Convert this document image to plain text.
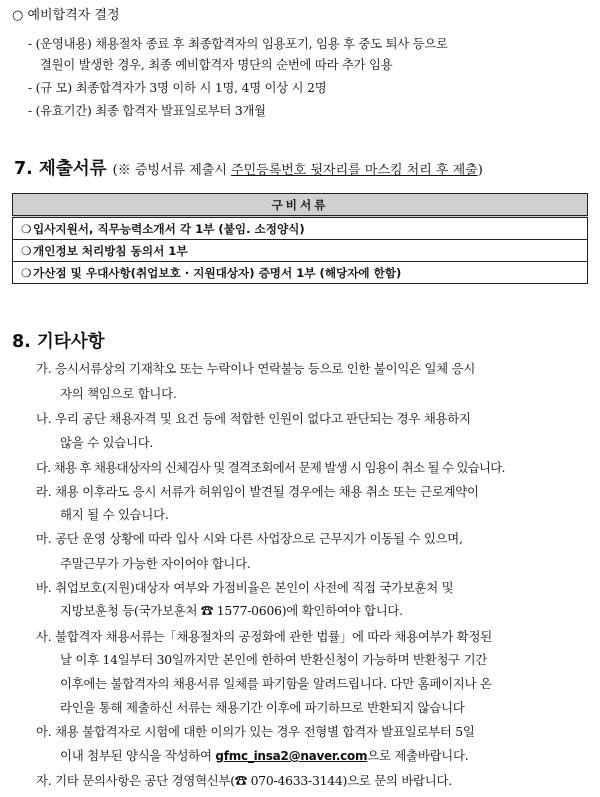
○ 예비합격자 결정
- (운영내용) 채용절차 종료 후 최종합격자의 임용포기, 임용 후 중도 퇴사 등으로
결원이 발생한 경우, 최종 예비합격자 명단의 순번에 따라 추가 임용
- (규 모) 최종합격자가 3명 이하 시 1명, 4명 이상 시 2명
- (유효기간) 최종 합격자 발표일로부터 3개월
7. 제출서류 (※ 증빙서류 제출시 주민등록번호 뒷자리를 마스킹 처리 후 제출)
구비서류
❍ 입사지원서, 직무능력소개서 각 1부 (붙임. 소정양식)
❍ 개인정보 처리방침 동의서 1부
❍ 가산점 및 우대사항(취업보호 · 지원대상자) 증명서 1부 (해당자에 한함)
8. 기타사항
가. 응시서류상의 기재착오 또는 누락이나 연락불능 등으로 인한 불이익은 일체 응시
자의 책임으로 합니다.
나. 우리 공단 채용자격 및 요건 등에 적합한 인원이 없다고 판단되는 경우 채용하지
않을 수 있습니다.
다. 채용 후 채용대상자의 신체검사 및 결격조회에서 문제 발생 시 임용이 취소 될 수 있습니다.
라. 채용 이후라도 응시 서류가 허위임이 발견될 경우에는 채용 취소 또는 근로계약이
해지 될 수 있습니다.
마. 공단 운영 상황에 따라 입사 시와 다른 사업장으로 근무지가 이동될 수 있으며,
주말근무가 가능한 자이어야 합니다.
바. 취업보호(지원)대상자 여부와 가점비율은 본인이 사전에 직접 국가보훈처 및
지방보훈청 등(국가보훈처 ☎ 1577-0606)에 확인하여야 합니다.
사. 불합격자 채용서류는「채용절차의 공정화에 관한 법률」에 따라 채용여부가 확정된
날 이후 14일부터 30일까지만 본인에 한하여 반환신청이 가능하며 반환청구 기간
이후에는 불합격자의 채용서류 일체를 파기함을 알려드립니다. 다만 홈페이지나 온
라인을 통해 제출하신 서류는 채용기간 이후에 파기하므로 반환되지 않습니다
아. 채용 불합격자로 시험에 대한 이의가 있는 경우 전형별 합격자 발표일로부터 5일
이내 첨부된 양식을 작성하여 gfmc_insa2@naver.com으로 제출바랍니다.
자. 기타 문의사항은 공단 경영혁신부(☎ 070-4633-3144)으로 문의 바랍니다.
